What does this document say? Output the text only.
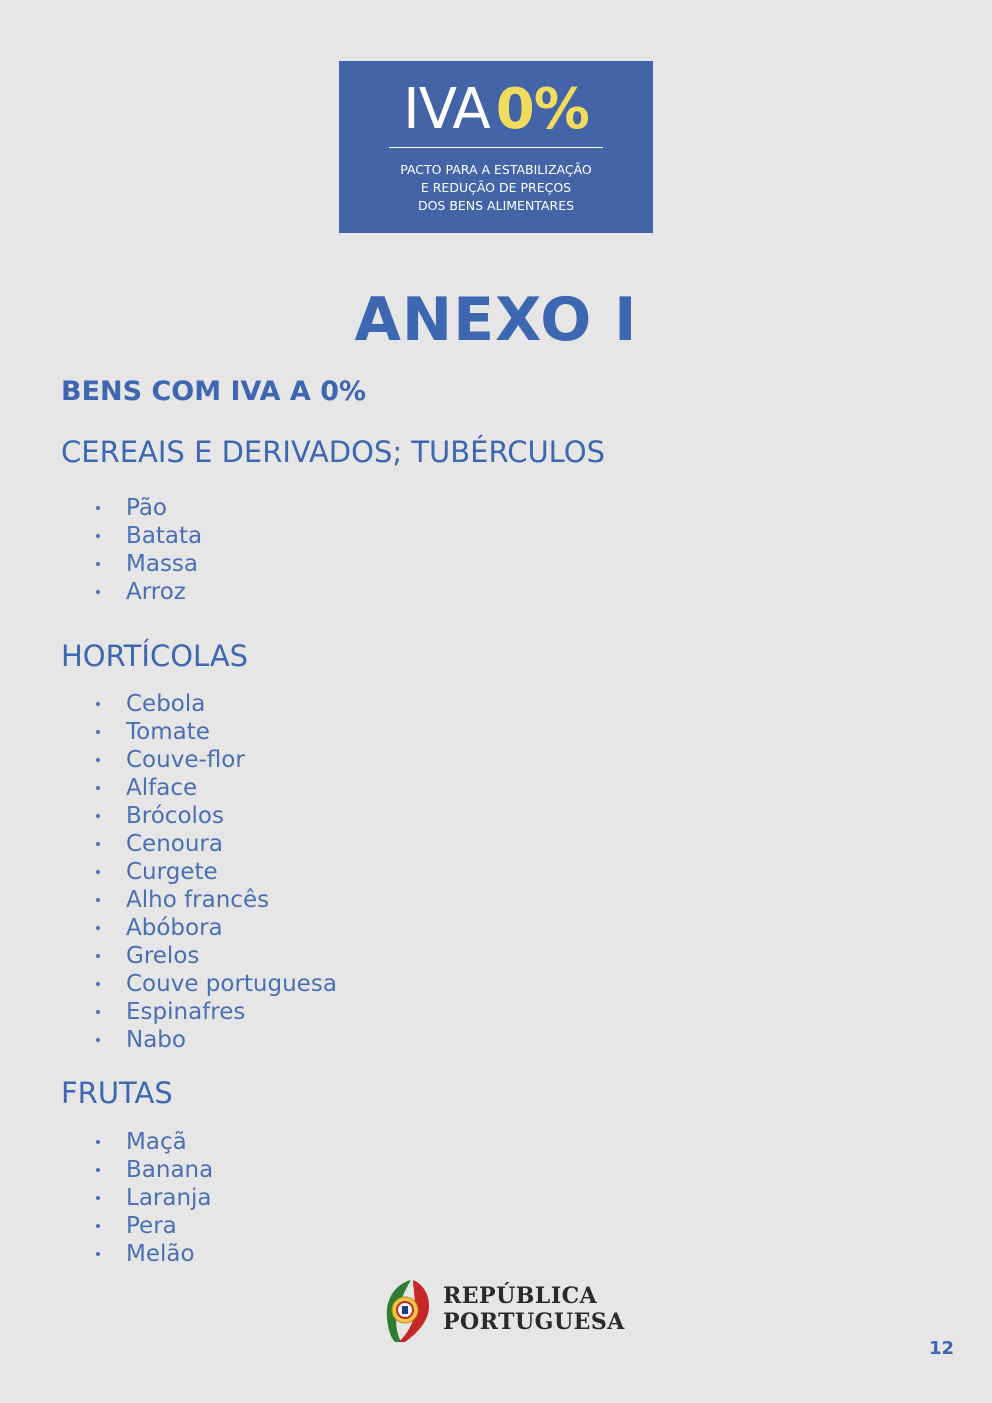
IVA 0%
PACTO PARA A ESTABILIZAÇÃO
E REDUÇÃO DE PREÇOS
DOS BENS ALIMENTARES
ANEXO I
BENS COM IVA A 0%
CEREAIS E DERIVADOS; TUBÉRCULOS
Pão
Batata
Massa
Arroz
HORTÍCOLAS
Cebola
Tomate
Couve-flor
Alface
Brócolos
Cenoura
Curgete
Alho francês
Abóbora
Grelos
Couve portuguesa
Espinafres
Nabo
FRUTAS
Maçã
Banana
Laranja
Pera
Melão
REPÚBLICA
PORTUGUESA
12
